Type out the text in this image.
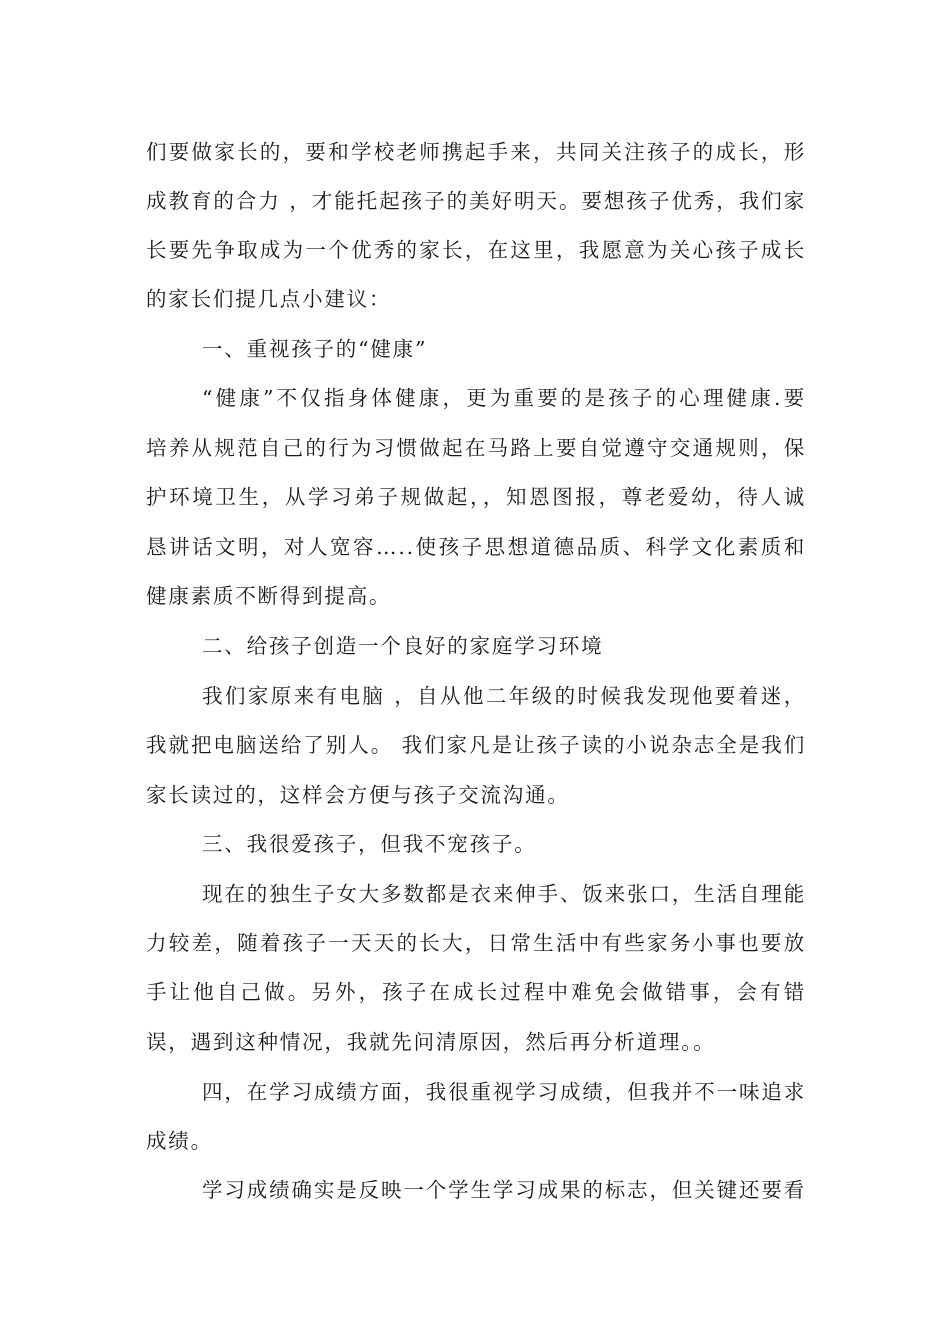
们要做家长的，要和学校老师携起手来，共同关注孩子的成长，形
成教育的合力 ，才能托起孩子的美好明天。要想孩子优秀，我们家
长要先争取成为一个优秀的家长，在这里，我愿意为关心孩子成长
的家长们提几点小建议：
一、重视孩子的“健康”
“健康”不仅指身体健康，更为重要的是孩子的心理健康.要
培养从规范自己的行为习惯做起在马路上要自觉遵守交通规则，保
护环境卫生，从学习弟子规做起，，知恩图报，尊老爱幼，待人诚
恳讲话文明，对人宽容…..使孩子思想道德品质、科学文化素质和
健康素质不断得到提高。
二、给孩子创造一个良好的家庭学习环境
我们家原来有电脑 ，自从他二年级的时候我发现他要着迷，
我就把电脑送给了别人。 我们家凡是让孩子读的小说杂志全是我们
家长读过的，这样会方便与孩子交流沟通。
三、我很爱孩子，但我不宠孩子。
现在的独生子女大多数都是衣来伸手、饭来张口，生活自理能
力较差，随着孩子一天天的长大，日常生活中有些家务小事也要放
手让他自己做。另外，孩子在成长过程中难免会做错事，会有错
误，遇到这种情况，我就先问清原因，然后再分析道理。。
四，在学习成绩方面，我很重视学习成绩，但我并不一味追求
成绩。
学习成绩确实是反映一个学生学习成果的标志，但关键还要看
